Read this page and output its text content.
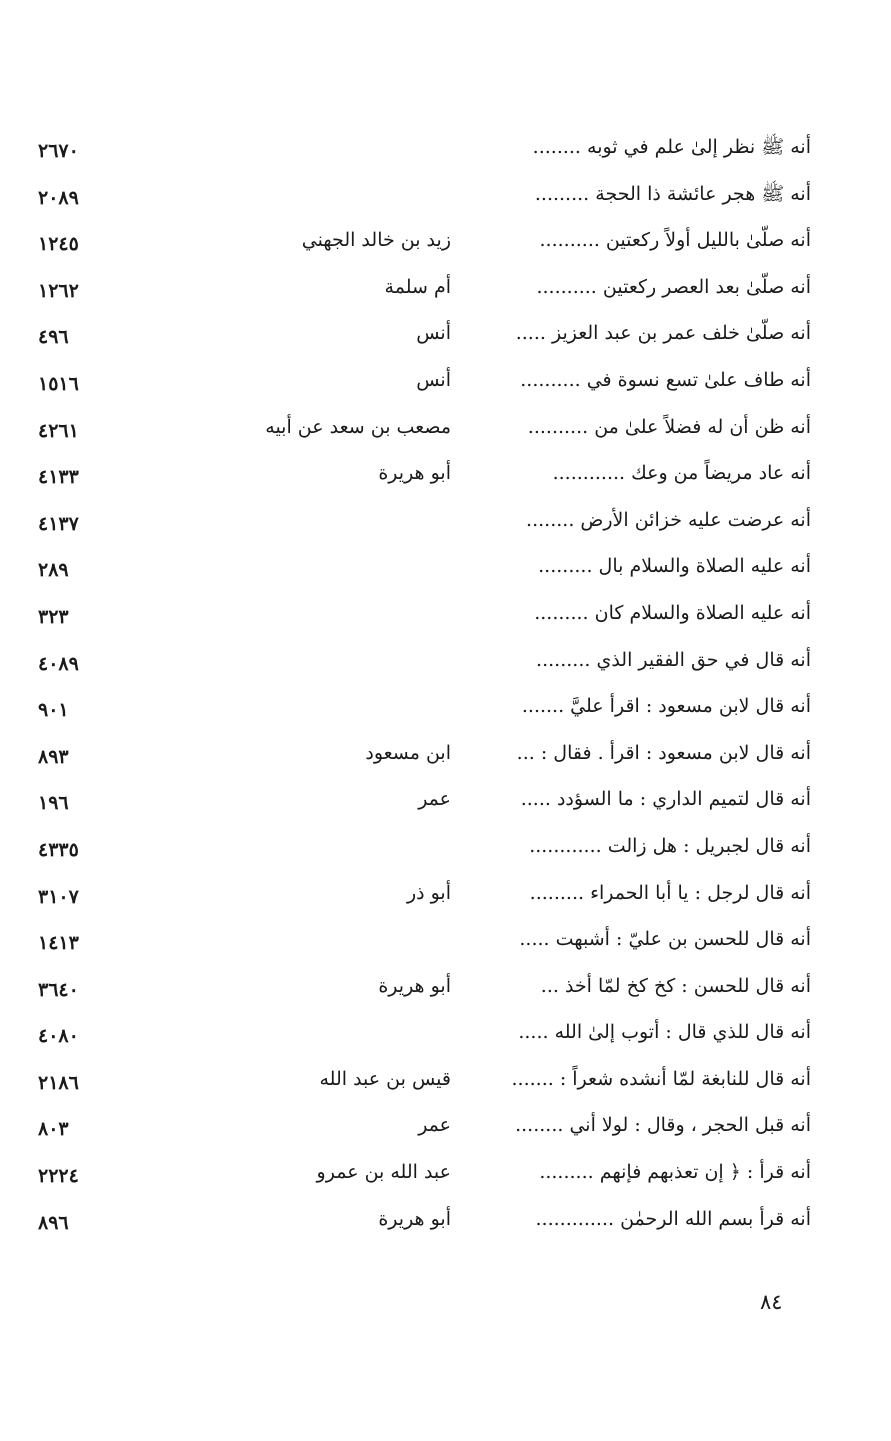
أنه ﷺ نظر إلىٰ علم في ثوبه ........
٢٦٧٠
أنه ﷺ هجر عائشة ذا الحجة .........
٢٠٨٩
أنه صلّىٰ بالليل أولاً ركعتين ..........
زيد بن خالد الجهني
١٢٤٥
أنه صلّىٰ بعد العصر ركعتين ..........
أم سلمة
١٢٦٢
أنه صلّىٰ خلف عمر بن عبد العزيز .....
أنس
٤٩٦
أنه طاف علىٰ تسع نسوة في ..........
أنس
١٥١٦
أنه ظن أن له فضلاً علىٰ من ..........
مصعب بن سعد عن أبيه
٤٢٦١
أنه عاد مريضاً من وعك ............
أبو هريرة
٤١٣٣
أنه عرضت عليه خزائن الأرض ........
٤١٣٧
أنه عليه الصلاة والسلام بال .........
٢٨٩
أنه عليه الصلاة والسلام كان .........
٣٢٣
أنه قال في حق الفقير الذي .........
٤٠٨٩
أنه قال لابن مسعود : اقرأ عليَّ .......
٩٠١
أنه قال لابن مسعود : اقرأ . فقال : ...
ابن مسعود
٨٩٣
أنه قال لتميم الداري : ما السؤدد .....
عمر
١٩٦
أنه قال لجبريل : هل زالت ............
٤٣٣٥
أنه قال لرجل : يا أبا الحمراء .........
أبو ذر
٣١٠٧
أنه قال للحسن بن عليّ : أشبهت .....
١٤١٣
أنه قال للحسن : كخ كخ لمّا أخذ ...
أبو هريرة
٣٦٤٠
أنه قال للذي قال : أتوب إلىٰ الله .....
٤٠٨٠
أنه قال للنابغة لمّا أنشده شعراً : .......
قيس بن عبد الله
٢١٨٦
أنه قبل الحجر ، وقال : لولا أني ........
عمر
٨٠٣
أنه قرأ : ﴿ إن تعذبهم فإنهم .........
عبد الله بن عمرو
٢٢٢٤
أنه قرأ بسم الله الرحمٰن .............
أبو هريرة
٨٩٦
٨٤
